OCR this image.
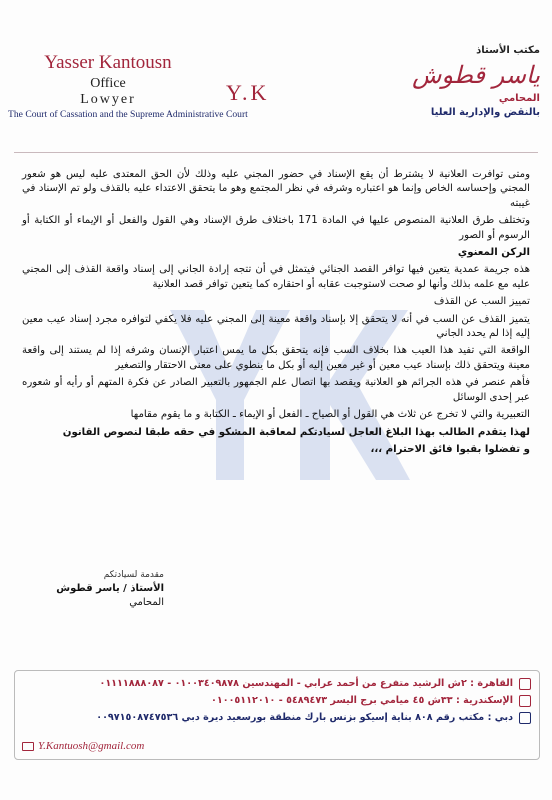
Yasser Kantousn
Office
Lowyer
The Court of Cassation and the Supreme Administrative Court
Y.K
مكتب الأستاذ
ياسر قطوش
المحامي
بالنقض والإدارية العليا

ومتى توافرت العلانية لا يشترط أن يقع الإسناد في حضور المجني عليه وذلك لأن الحق المعتدى عليه ليس هو شعور المجني وإحساسه الخاص وإنما هو اعتباره وشرفه في نظر المجتمع وهو ما يتحقق الاعتداء عليه بالقذف ولو تم الإسناد في غيبته

وتختلف طرق العلانية المنصوص عليها في المادة 171 باختلاف طرق الإسناد وهي القول والفعل أو الإيماء أو الكتابة أو الرسوم أو الصور

الركن المعنوي

هذه جريمة عمدية يتعين فيها توافر القصد الجنائي فيتمثل في أن تتجه إرادة الجاني إلى إسناد واقعة القذف إلى المجني عليه مع علمه بذلك وأنها لو صحت لاستوجبت عقابه أو احتقاره كما يتعين توافر قصد العلانية

تمييز السب عن القذف

يتميز القذف عن السب في أنه لا يتحقق إلا بإسناد واقعة معينة إلى المجني عليه فلا يكفي لتوافره مجرد إسناد عيب معين إليه إذا لم يحدد الجاني

الواقعة التي تفيد هذا العيب هذا بخلاف السب فإنه يتحقق بكل ما يمس اعتبار الإنسان وشرفه إذا لم يستند إلى واقعة معينة ويتحقق ذلك بإسناد عيب معين أو غير معين إليه أو بكل ما ينطوي على معنى الاحتقار والتصغير

فأهم عنصر في هذه الجرائم هو العلانية ويقصد بها اتصال علم الجمهور بالتعبير الصادر عن فكرة المتهم أو رأيه أو شعوره عبر إحدى الوسائل

التعبيرية والتي لا تخرج عن ثلاث هي القول أو الصياح ـ الفعل أو الإيماء ـ الكتابة و ما يقوم مقامها

لهذا يتقدم الطالب بهذا البلاغ العاجل لسيادتكم لمعاقبة المشكو في حقه طبقا لنصوص القانون

و تفضلوا بقبوا فائق الاحترام ،،،

مقدمة لسيادتكم
الأستاذ / ياسر قطوش
المحامي
القاهرة : ٢ش الرشيد متفرع من أحمد عرابي - المهندسين ٠١٠٠٣٤٠٩٨٧٨ - ٠١١١١٨٨٨٠٨٧
الإسكندرية : ٣٣ش ٤٥ ميامي برج اليسر ٥٤٨٩٤٧٣ - ٠١٠٠٥١١٢٠١٠
دبي : مكتب رقم ٨٠٨ بناية إسيكو بزنس بارك منطقة بورسعيد ديرة دبي ٠٠٩٧١٥٠٨٧٤٧٥٣٦
Y.Kantuosh@gmail.com
